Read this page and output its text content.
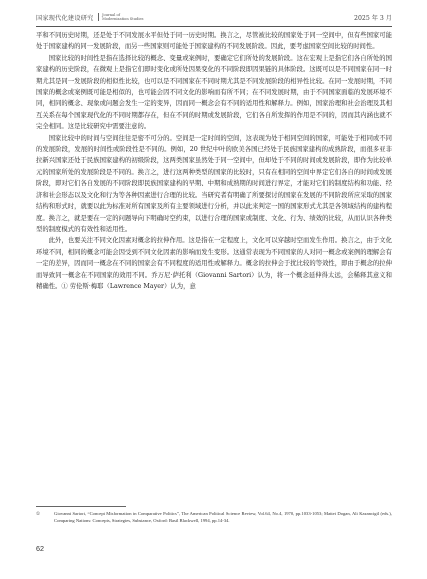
国家现代化建设研究 Journal of Modernization Studies	2025 年 3 月

平和不同历史时期，还是处于不同发展水平但处于同一历史时期。换言之，尽管被比较的国家处于同一空间中，但有些国家可能处于国家建构的同一发展阶段，而另一些国家则可能处于国家建构的不同发展阶段。因此，要考虑国家空间比较的时间性。

国家比较的时间性是指在选择比较的概念、变量或案例时，要确定它们所处的发展阶段。这在宏观上是指它们各自所处的国家建构的历史阶段，在微观上是指它们即时变化或所处因果变化的不同阶段即因果链的具体阶段。这既可以是不同国家在同一时期尤其是同一发展阶段的相似性比较，也可以是不同国家在不同时期尤其是不同发展阶段的相异性比较。在同一发展时期，不同国家的概念或案例既可能是相似的，也可能会因不同文化的影响而有所不同；在不同发展时期，由于不同国家面临的发展环境不同，相同的概念、现象或问题会发生一定的变异，因而同一概念会有不同的适用性和解释力。例如，国家治理和社会治理及其相互关系在每个国家现代化的不同时期都存在，但在不同的时期或发展阶段，它们各自所发挥的作用是不同的，因而其内涵也就不完全相同。这是比较研究中需要注意的。

国家比较中的时间与空间往往是密不可分的。空间是一定时间的空间，这表现为处于相同空间的国家，可能处于相同或不同的发展阶段，发展的时间性或阶段性是不同的。例如，20 世纪中叶的欧美各国已经处于民族国家建构的成熟阶段，而很多亚非拉新兴国家还处于民族国家建构的初级阶段，这两类国家虽然处于同一空间中，但却处于不同的时间或发展阶段，即作为比较单元的国家所处的发展阶段是不同的。换言之，进行这两种类型的国家的比较时，只有在相同的空间中界定它们各自的时间或发展阶段，即对它们各自发展的不同阶段即民族国家建构的早期、中期和成熟期的时间进行界定，才能对它们的制度结构和功能、经济和社会形态以及文化和行为等各种因素进行合理的比较。当研究者有明确了所要探讨的国家在发展的不同阶段所应采取的国家结构和形式时，就要以此为标准对所有国家及所有主要领域进行分析，并以此来判定一国的国家形式尤其是各领域结构的建构程度。换言之，就是要在一定的问题导向下明确时空约束，以进行合理的国家或制度、文化、行为、绩效的比较，从而认识各种类型的制度模式的有效性和适用性。

此外，也要关注不同文化因素对概念的拉伸作用。这是指在一定程度上，文化可以穿越时空而发生作用。换言之，由于文化环境不同，相同的概念可能会因受到不同文化因素的影响而发生变形。这通常表现为不同国家的人对同一概念或案例的理解会有一定的差异，因而同一概念在不同的国家会有不同程度的适用性或解释力。概念的拉伸会于扰比较的等效性，即由于概念的拉伸而导致同一概念在不同国家的效用不同。乔万尼·萨托利（Giovanni Sartori）认为，将一个概念延伸得太远，会稀释其意义和精确性。① 劳伦斯·梅耶（Lawrence Mayer）认为，意

①	Giovanni Sartori, “Concept Misformation in Comparative Politics”, The American Political Science Review, Vol.64, No.4, 1970, pp.1033-1053; Mattei Dogan, Ali Kazancigil (eds.), Comparing Nations: Concepts, Strategies, Substance, Oxford: Basil Blackwell, 1994, pp.14-34.
62
